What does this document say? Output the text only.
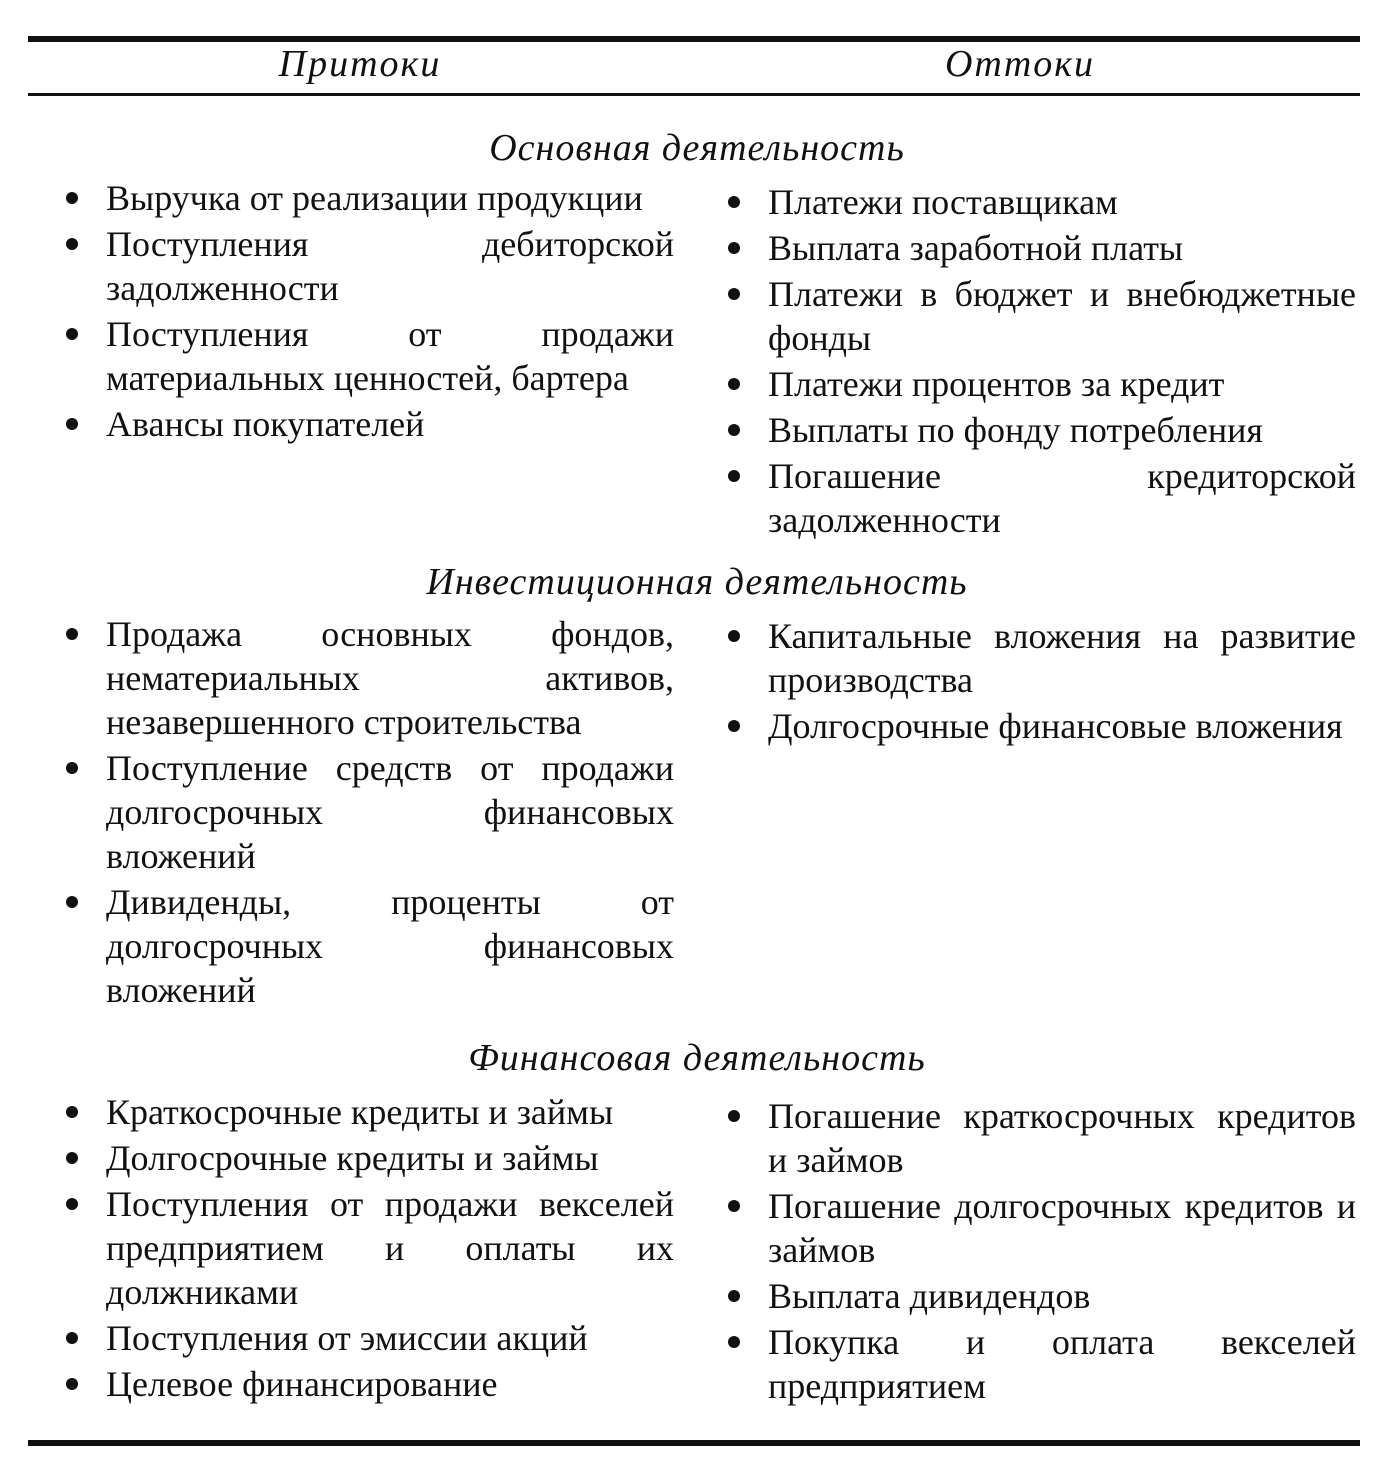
Притоки	Оттоки
Основная деятельность
Выручка от реализации продукции
Поступления дебиторской задолженности
Поступления от продажи материальных ценностей, бартера
Авансы покупателей
Платежи поставщикам
Выплата заработной платы
Платежи в бюджет и внебюджетные фонды
Платежи процентов за кредит
Выплаты по фонду потребления
Погашение кредиторской задолженности
Инвестиционная деятельность
Продажа основных фондов, нематериальных активов, незавершенного строительства
Поступление средств от продажи долгосрочных финансовых вложений
Дивиденды, проценты от долгосрочных финансовых вложений
Капитальные вложения на развитие производства
Долгосрочные финансовые вложения
Финансовая деятельность
Краткосрочные кредиты и займы
Долгосрочные кредиты и займы
Поступления от продажи векселей предприятием и оплаты их должниками
Поступления от эмиссии акций
Целевое финансирование
Погашение краткосрочных кредитов и займов
Погашение долгосрочных кредитов и займов
Выплата дивидендов
Покупка и оплата векселей предприятием
